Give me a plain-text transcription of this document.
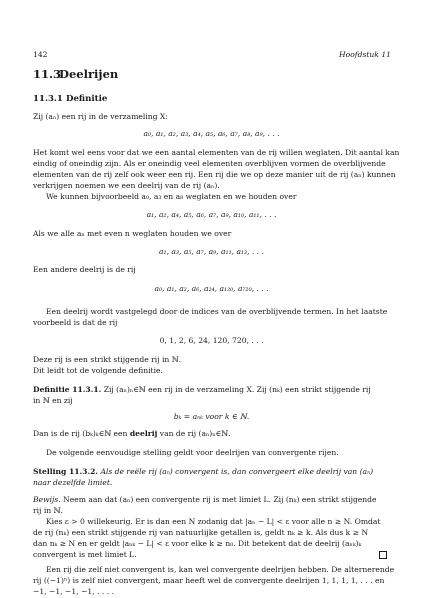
142	Hoofdstuk 11
11.3Deelrijen
11.3.1 Definitie
Zij (aₙ) een rij in de verzameling X:
a₀, a₁, a₂, a₃, a₄, a₅, a₆, a₇, a₈, a₉, . . .
Het komt wel eens voor dat we een aantal elementen van de rij willen weglaten. Dit aantal kan
eindig of oneindig zijn. Als er oneindig veel elementen overblijven vormen de overblijvende
elementen van de rij zelf ook weer een rij. Een rij die we op deze manier uit de rij (aₙ) kunnen
verkrijgen noemen we een deelrij van de rij (aₙ).
We kunnen bijvoorbeeld a₀, a₃ en a₈ weglaten en we houden over
a₁, a₂, a₄, a₅, a₆, a₇, a₉, a₁₀, a₁₁, . . .
Als we alle aₙ met even n weglaten houden we over
a₁, a₃, a₅, a₇, a₉, a₁₁, a₁₃, . . .
Een andere deelrij is de rij
a₀, a₁, a₂, a₆, a₂₄, a₁₂₀, a₇₂₀, . . .
Een deelrij wordt vastgelegd door de indices van de overblijvende termen. In het laatste
voorbeeld is dat de rij
0, 1, 2, 6, 24, 120, 720, . . .
Deze rij is een strikt stijgende rij in ℕ.
Dit leidt tot de volgende definitie.
Definitie 11.3.1. Zij (aₙ)ₙ∈ℕ een rij in de verzameling X. Zij (nₖ) een strikt stijgende rij
in ℕ en zij
bₖ = aₙₖ voor k ∈ ℕ.
Dan is de rij (bₖ)ₖ∈ℕ een deelrij van de rij (aₙ)ₙ∈ℕ.
De volgende eenvoudige stelling geldt voor deelrijen van convergente rijen.
Stelling 11.3.2. Als de reële rij (aₙ) convergent is, dan convergeert elke deelrij van (aₙ)
naar dezelfde limiet.
Bewijs. Neem aan dat (aₙ) een convergente rij is met limiet L. Zij (nₖ) een strikt stijgende
rij in ℕ.
Kies ε > 0 willekeurig. Er is dan een N zodanig dat |aₙ − L| < ε voor alle n ≥ N. Omdat
de rij (nₖ) een strikt stijgende rij van natuurlijke getallen is, geldt nₖ ≥ k. Als dus k ≥ N
dan nₖ ≥ N en er geldt |aₙₖ − L| < ε voor elke k ≥ n₀. Dit betekent dat de deelrij (aₙₖ)ₖ
convergent is met limiet L.
Een rij die zelf niet convergent is, kan wel convergente deelrijen hebben. De alternerende
rij ((−1)ⁿ) is zelf niet convergent, maar heeft wel de convergente deelrijen 1, 1, 1, 1, . . . en
−1, −1, −1, −1, . . . .
